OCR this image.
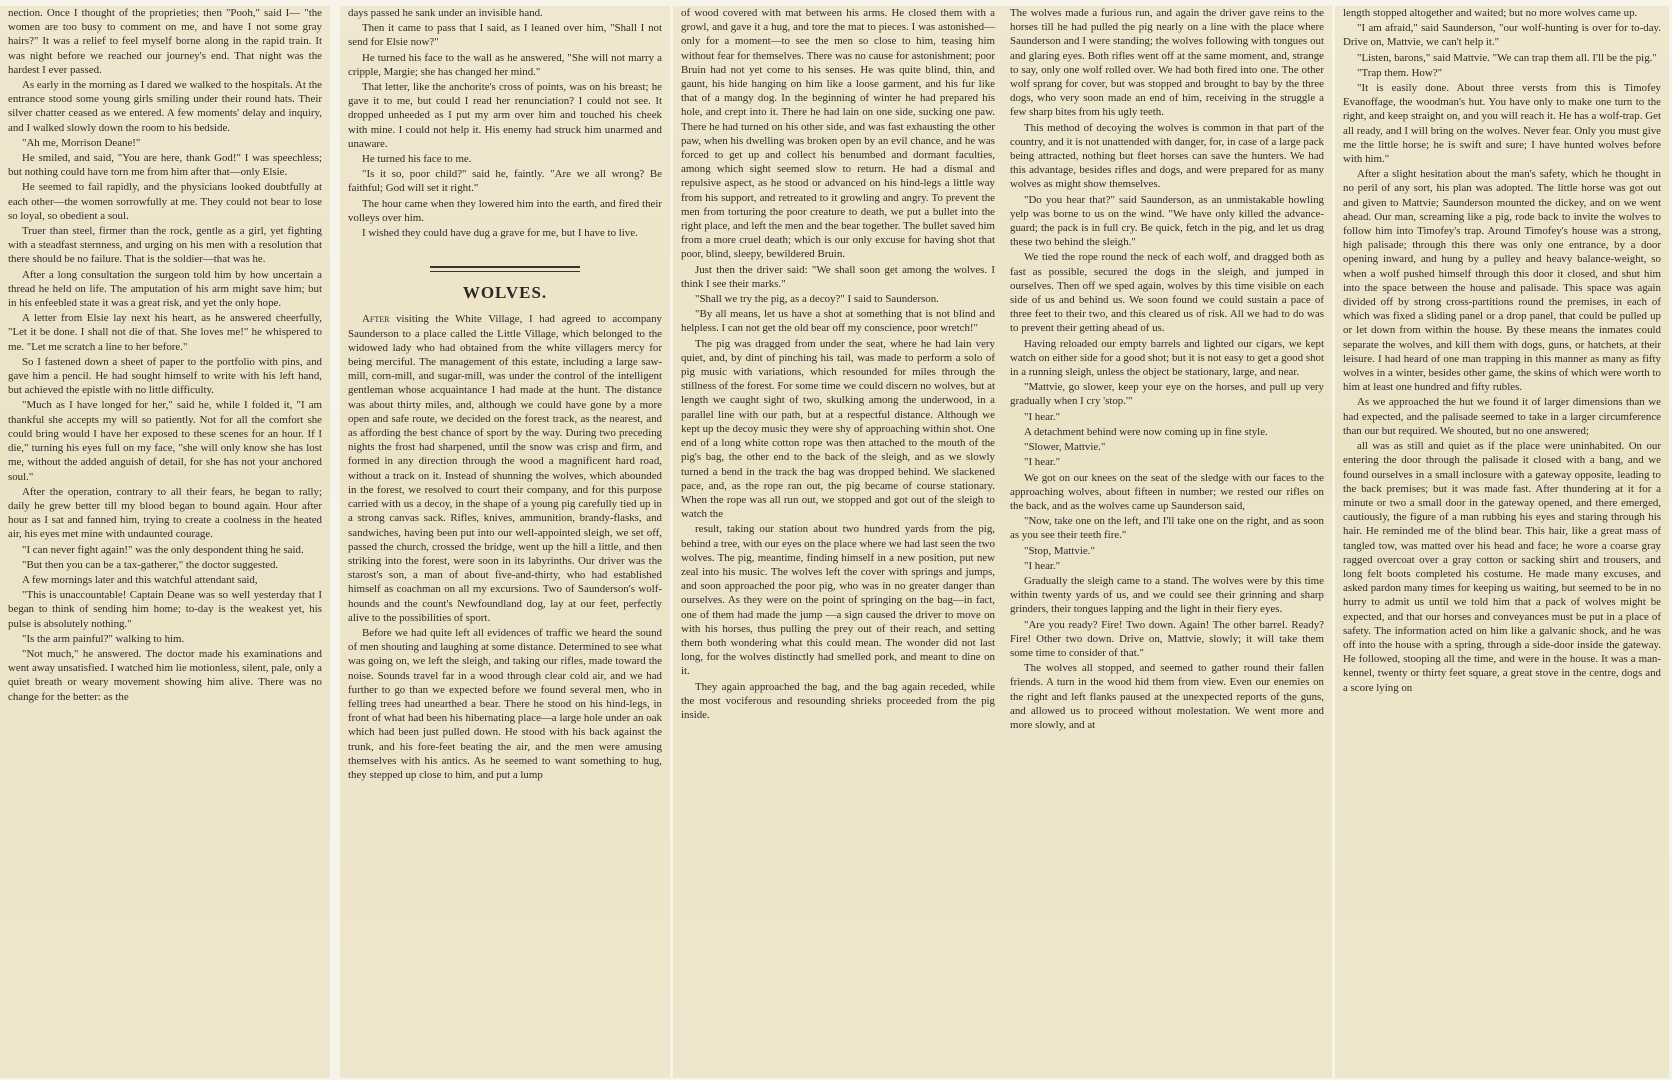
nection. Once I thought of the proprieties; then "Pooh," said I— "the women are too busy to comment on me, and have I not some gray hairs?" It was a relief to feel myself borne along in the rapid train. It was night before we reached our journey's end. That night was the hardest I ever passed.

As early in the morning as I dared we walked to the hospitals. At the entrance stood some young girls smiling under their round hats. Their silver chatter ceased as we entered. A few moments' delay and inquiry, and I walked slowly down the room to his bedside.

"Ah me, Morrison Deane!"

He smiled, and said, "You are here, thank God!" I was speechless; but nothing could have torn me from him after that—only Elsie.

He seemed to fail rapidly, and the physicians looked doubtfully at each other—the women sorrowfully at me. They could not bear to lose so loyal, so obedient a soul.

Truer than steel, firmer than the rock, gentle as a girl, yet fighting with a steadfast sternness, and urging on his men with a resolution that there should be no failure. That is the soldier—that was he.

After a long consultation the surgeon told him by how uncertain a thread he held on life. The amputation of his arm might save him; but in his enfeebled state it was a great risk, and yet the only hope.

A letter from Elsie lay next his heart, as he answered cheerfully, "Let it be done. I shall not die of that. She loves me!" he whispered to me. "Let me scratch a line to her before."

So I fastened down a sheet of paper to the portfolio with pins, and gave him a pencil. He had sought himself to write with his left hand, but achieved the epistle with no little difficulty.

"Much as I have longed for her," said he, while I folded it, "I am thankful she accepts my will so patiently. Not for all the comfort she could bring would I have her exposed to these scenes for an hour. If I die," turning his eyes full on my face, "she will only know she has lost me, without the added anguish of detail, for she has not your anchored soul."

After the operation, contrary to all their fears, he began to rally; daily he grew better till my blood began to bound again. Hour after hour as I sat and fanned him, trying to create a coolness in the heated air, his eyes met mine with undaunted courage.

"I can never fight again!" was the only despondent thing he said.

"But then you can be a tax-gatherer," the doctor suggested.

A few mornings later and this watchful attendant said,

"This is unaccountable! Captain Deane was so well yesterday that I began to think of sending him home; to-day is the weakest yet, his pulse is absolutely nothing."

"Is the arm painful?" walking to him.

"Not much," he answered. The doctor made his examinations and went away unsatisfied. I watched him lie motionless, silent, pale, only a quiet breath or weary movement showing him alive. There was no change for the better: as the

days passed he sank under an invisible hand.

Then it came to pass that I said, as I leaned over him, "Shall I not send for Elsie now?"

He turned his face to the wall as he answered, "She will not marry a cripple, Margie; she has changed her mind."

That letter, like the anchorite's cross of points, was on his breast; he gave it to me, but could I read her renunciation? I could not see. It dropped unheeded as I put my arm over him and touched his cheek with mine. I could not help it. His enemy had struck him unarmed and unaware.

He turned his face to me.

"Is it so, poor child?" said he, faintly. "Are we all wrong? Be faithful; God will set it right."

The hour came when they lowered him into the earth, and fired their volleys over him.

I wished they could have dug a grave for me, but I have to live.

WOLVES.

After visiting the White Village, I had agreed to accompany Saunderson to a place called the Little Village, which belonged to the widowed lady who had obtained from the white villagers mercy for being merciful. The management of this estate, including a large saw-mill, corn-mill, and sugar-mill, was under the control of the intelligent gentleman whose acquaintance I had made at the hunt. The distance was about thirty miles, and, although we could have gone by a more open and safe route, we decided on the forest track, as the nearest, and as affording the best chance of sport by the way. During two preceding nights the frost had sharpened, until the snow was crisp and firm, and formed in any direction through the wood a magnificent hard road, without a track on it. Instead of shunning the wolves, which abounded in the forest, we resolved to court their company, and for this purpose carried with us a decoy, in the shape of a young pig carefully tied up in a strong canvas sack. Rifles, knives, ammunition, brandy-flasks, and sandwiches, having been put into our well-appointed sleigh, we set off, passed the church, crossed the bridge, went up the hill a little, and then striking into the forest, were soon in its labyrinths. Our driver was the starost's son, a man of about five-and-thirty, who had established himself as coachman on all my excursions. Two of Saunderson's wolf-hounds and the count's Newfoundland dog, lay at our feet, perfectly alive to the possibilities of sport.

Before we had quite left all evidences of traffic we heard the sound of men shouting and laughing at some distance. Determined to see what was going on, we left the sleigh, and taking our rifles, made toward the noise. Sounds travel far in a wood through clear cold air, and we had further to go than we expected before we found several men, who in felling trees had unearthed a bear. There he stood on his hind-legs, in front of what had been his hibernating place—a large hole under an oak which had been just pulled down. He stood with his back against the trunk, and his fore-feet beating the air, and the men were amusing themselves with his antics. As he seemed to want something to hug, they stepped up close to him, and put a lump

of wood covered with mat between his arms. He closed them with a growl, and gave it a hug, and tore the mat to pieces. I was astonished—only for a moment—to see the men so close to him, teasing him without fear for themselves. There was no cause for astonishment; poor Bruin had not yet come to his senses. He was quite blind, thin, and gaunt, his hide hanging on him like a loose garment, and his fur like that of a mangy dog. In the beginning of winter he had prepared his hole, and crept into it. There he had lain on one side, sucking one paw. There he had turned on his other side, and was fast exhausting the other paw, when his dwelling was broken open by an evil chance, and he was forced to get up and collect his benumbed and dormant faculties, among which sight seemed slow to return. He had a dismal and repulsive aspect, as he stood or advanced on his hind-legs a little way from his support, and retreated to it growling and angry. To prevent the men from torturing the poor creature to death, we put a bullet into the right place, and left the men and the bear together. The bullet saved him from a more cruel death; which is our only excuse for having shot that poor, blind, sleepy, bewildered Bruin.

Just then the driver said: "We shall soon get among the wolves. I think I see their marks."

"Shall we try the pig, as a decoy?" I said to Saunderson.

"By all means, let us have a shot at something that is not blind and helpless. I can not get the old bear off my conscience, poor wretch!"

The pig was dragged from under the seat, where he had lain very quiet, and, by dint of pinching his tail, was made to perform a solo of pig music with variations, which resounded for miles through the stillness of the forest. For some time we could discern no wolves, but at length we caught sight of two, skulking among the underwood, in a parallel line with our path, but at a respectful distance. Although we kept up the decoy music they were shy of approaching within shot. One end of a long white cotton rope was then attached to the mouth of the pig's bag, the other end to the back of the sleigh, and as we slowly turned a bend in the track the bag was dropped behind. We slackened pace, and, as the rope ran out, the pig became of course stationary. When the rope was all run out, we stopped and got out of the sleigh to watch the

result, taking our station about two hundred yards from the pig, behind a tree, with our eyes on the place where we had last seen the two wolves. The pig, meantime, finding himself in a new position, put new zeal into his music. The wolves left the cover with springs and jumps, and soon approached the poor pig, who was in no greater danger than ourselves. As they were on the point of springing on the bag—in fact, one of them had made the jump —a sign caused the driver to move on with his horses, thus pulling the prey out of their reach, and setting them both wondering what this could mean. The wonder did not last long, for the wolves distinctly had smelled pork, and meant to dine on it.

They again approached the bag, and the bag again receded, while the most vociferous and resounding shrieks proceeded from the pig inside.

The wolves made a furious run, and again the driver gave reins to the horses till he had pulled the pig nearly on a line with the place where Saunderson and I were standing; the wolves following with tongues out and glaring eyes. Both rifles went off at the same moment, and, strange to say, only one wolf rolled over. We had both fired into one. The other wolf sprang for cover, but was stopped and brought to bay by the three dogs, who very soon made an end of him, receiving in the struggle a few sharp bites from his ugly teeth.

This method of decoying the wolves is common in that part of the country, and it is not unattended with danger, for, in case of a large pack being attracted, nothing but fleet horses can save the hunters. We had this advantage, besides rifles and dogs, and were prepared for as many wolves as might show themselves.

"Do you hear that?" said Saunderson, as an unmistakable howling yelp was borne to us on the wind. "We have only killed the advance-guard; the pack is in full cry. Be quick, fetch in the pig, and let us drag these two behind the sleigh."

We tied the rope round the neck of each wolf, and dragged both as fast as possible, secured the dogs in the sleigh, and jumped in ourselves. Then off we sped again, wolves by this time visible on each side of us and behind us. We soon found we could sustain a pace of three feet to their two, and this cleared us of risk. All we had to do was to prevent their getting ahead of us.

Having reloaded our empty barrels and lighted our cigars, we kept watch on either side for a good shot; but it is not easy to get a good shot in a running sleigh, unless the object be stationary, large, and near.

"Mattvie, go slower, keep your eye on the horses, and pull up very gradually when I cry 'stop.'"

"I hear."

A detachment behind were now coming up in fine style.

"Slower, Mattvie."

"I hear."

We got on our knees on the seat of the sledge with our faces to the approaching wolves, about fifteen in number; we rested our rifles on the back, and as the wolves came up Saunderson said,

"Now, take one on the left, and I'll take one on the right, and as soon as you see their teeth fire."

"Stop, Mattvie."

"I hear."

Gradually the sleigh came to a stand. The wolves were by this time within twenty yards of us, and we could see their grinning and sharp grinders, their tongues lapping and the light in their fiery eyes.

"Are you ready? Fire! Two down. Again! The other barrel. Ready? Fire! Other two down. Drive on, Mattvie, slowly; it will take them some time to consider of that."

The wolves all stopped, and seemed to gather round their fallen friends. A turn in the wood hid them from view. Even our enemies on the right and left flanks paused at the unexpected reports of the guns, and allowed us to proceed without molestation. We went more and more slowly, and at

length stopped altogether and waited; but no more wolves came up.

"I am afraid," said Saunderson, "our wolf-hunting is over for to-day. Drive on, Mattvie, we can't help it."

"Listen, barons," said Mattvie. "We can trap them all. I'll be the pig."

"Trap them. How?"

"It is easily done. About three versts from this is Timofey Evanoffage, the woodman's hut. You have only to make one turn to the right, and keep straight on, and you will reach it. He has a wolf-trap. Get all ready, and I will bring on the wolves. Never fear. Only you must give me the little horse; he is swift and sure; I have hunted wolves before with him."

After a slight hesitation about the man's safety, which he thought in no peril of any sort, his plan was adopted. The little horse was got out and given to Mattvie; Saunderson mounted the dickey, and on we went ahead. Our man, screaming like a pig, rode back to invite the wolves to follow him into Timofey's trap. Around Timofey's house was a strong, high palisade; through this there was only one entrance, by a door opening inward, and hung by a pulley and heavy balance-weight, so when a wolf pushed himself through this door it closed, and shut him into the space between the house and palisade. This space was again divided off by strong cross-partitions round the premises, in each of which was fixed a sliding panel or a drop panel, that could be pulled up or let down from within the house. By these means the inmates could separate the wolves, and kill them with dogs, guns, or hatchets, at their leisure. I had heard of one man trapping in this manner as many as fifty wolves in a winter, besides other game, the skins of which were worth to him at least one hundred and fifty rubles.

As we approached the hut we found it of larger dimensions than we had expected, and the palisade seemed to take in a larger circumference than our but required. We shouted, but no one answered;

all was as still and quiet as if the place were uninhabited. On our entering the door through the palisade it closed with a bang, and we found ourselves in a small inclosure with a gateway opposite, leading to the back premises; but it was made fast. After thundering at it for a minute or two a small door in the gateway opened, and there emerged, cautiously, the figure of a man rubbing his eyes and staring through his hair. He reminded me of the blind bear. This hair, like a great mass of tangled tow, was matted over his head and face; he wore a coarse gray ragged overcoat over a gray cotton or sacking shirt and trousers, and long felt boots completed his costume. He made many excuses, and asked pardon many times for keeping us waiting, but seemed to be in no hurry to admit us until we told him that a pack of wolves might be expected, and that our horses and conveyances must be put in a place of safety. The information acted on him like a galvanic shock, and he was off into the house with a spring, through a side-door inside the gateway. He followed, stooping all the time, and were in the house. It was a man-kennel, twenty or thirty feet square, a great stove in the centre, dogs and a score lying on
